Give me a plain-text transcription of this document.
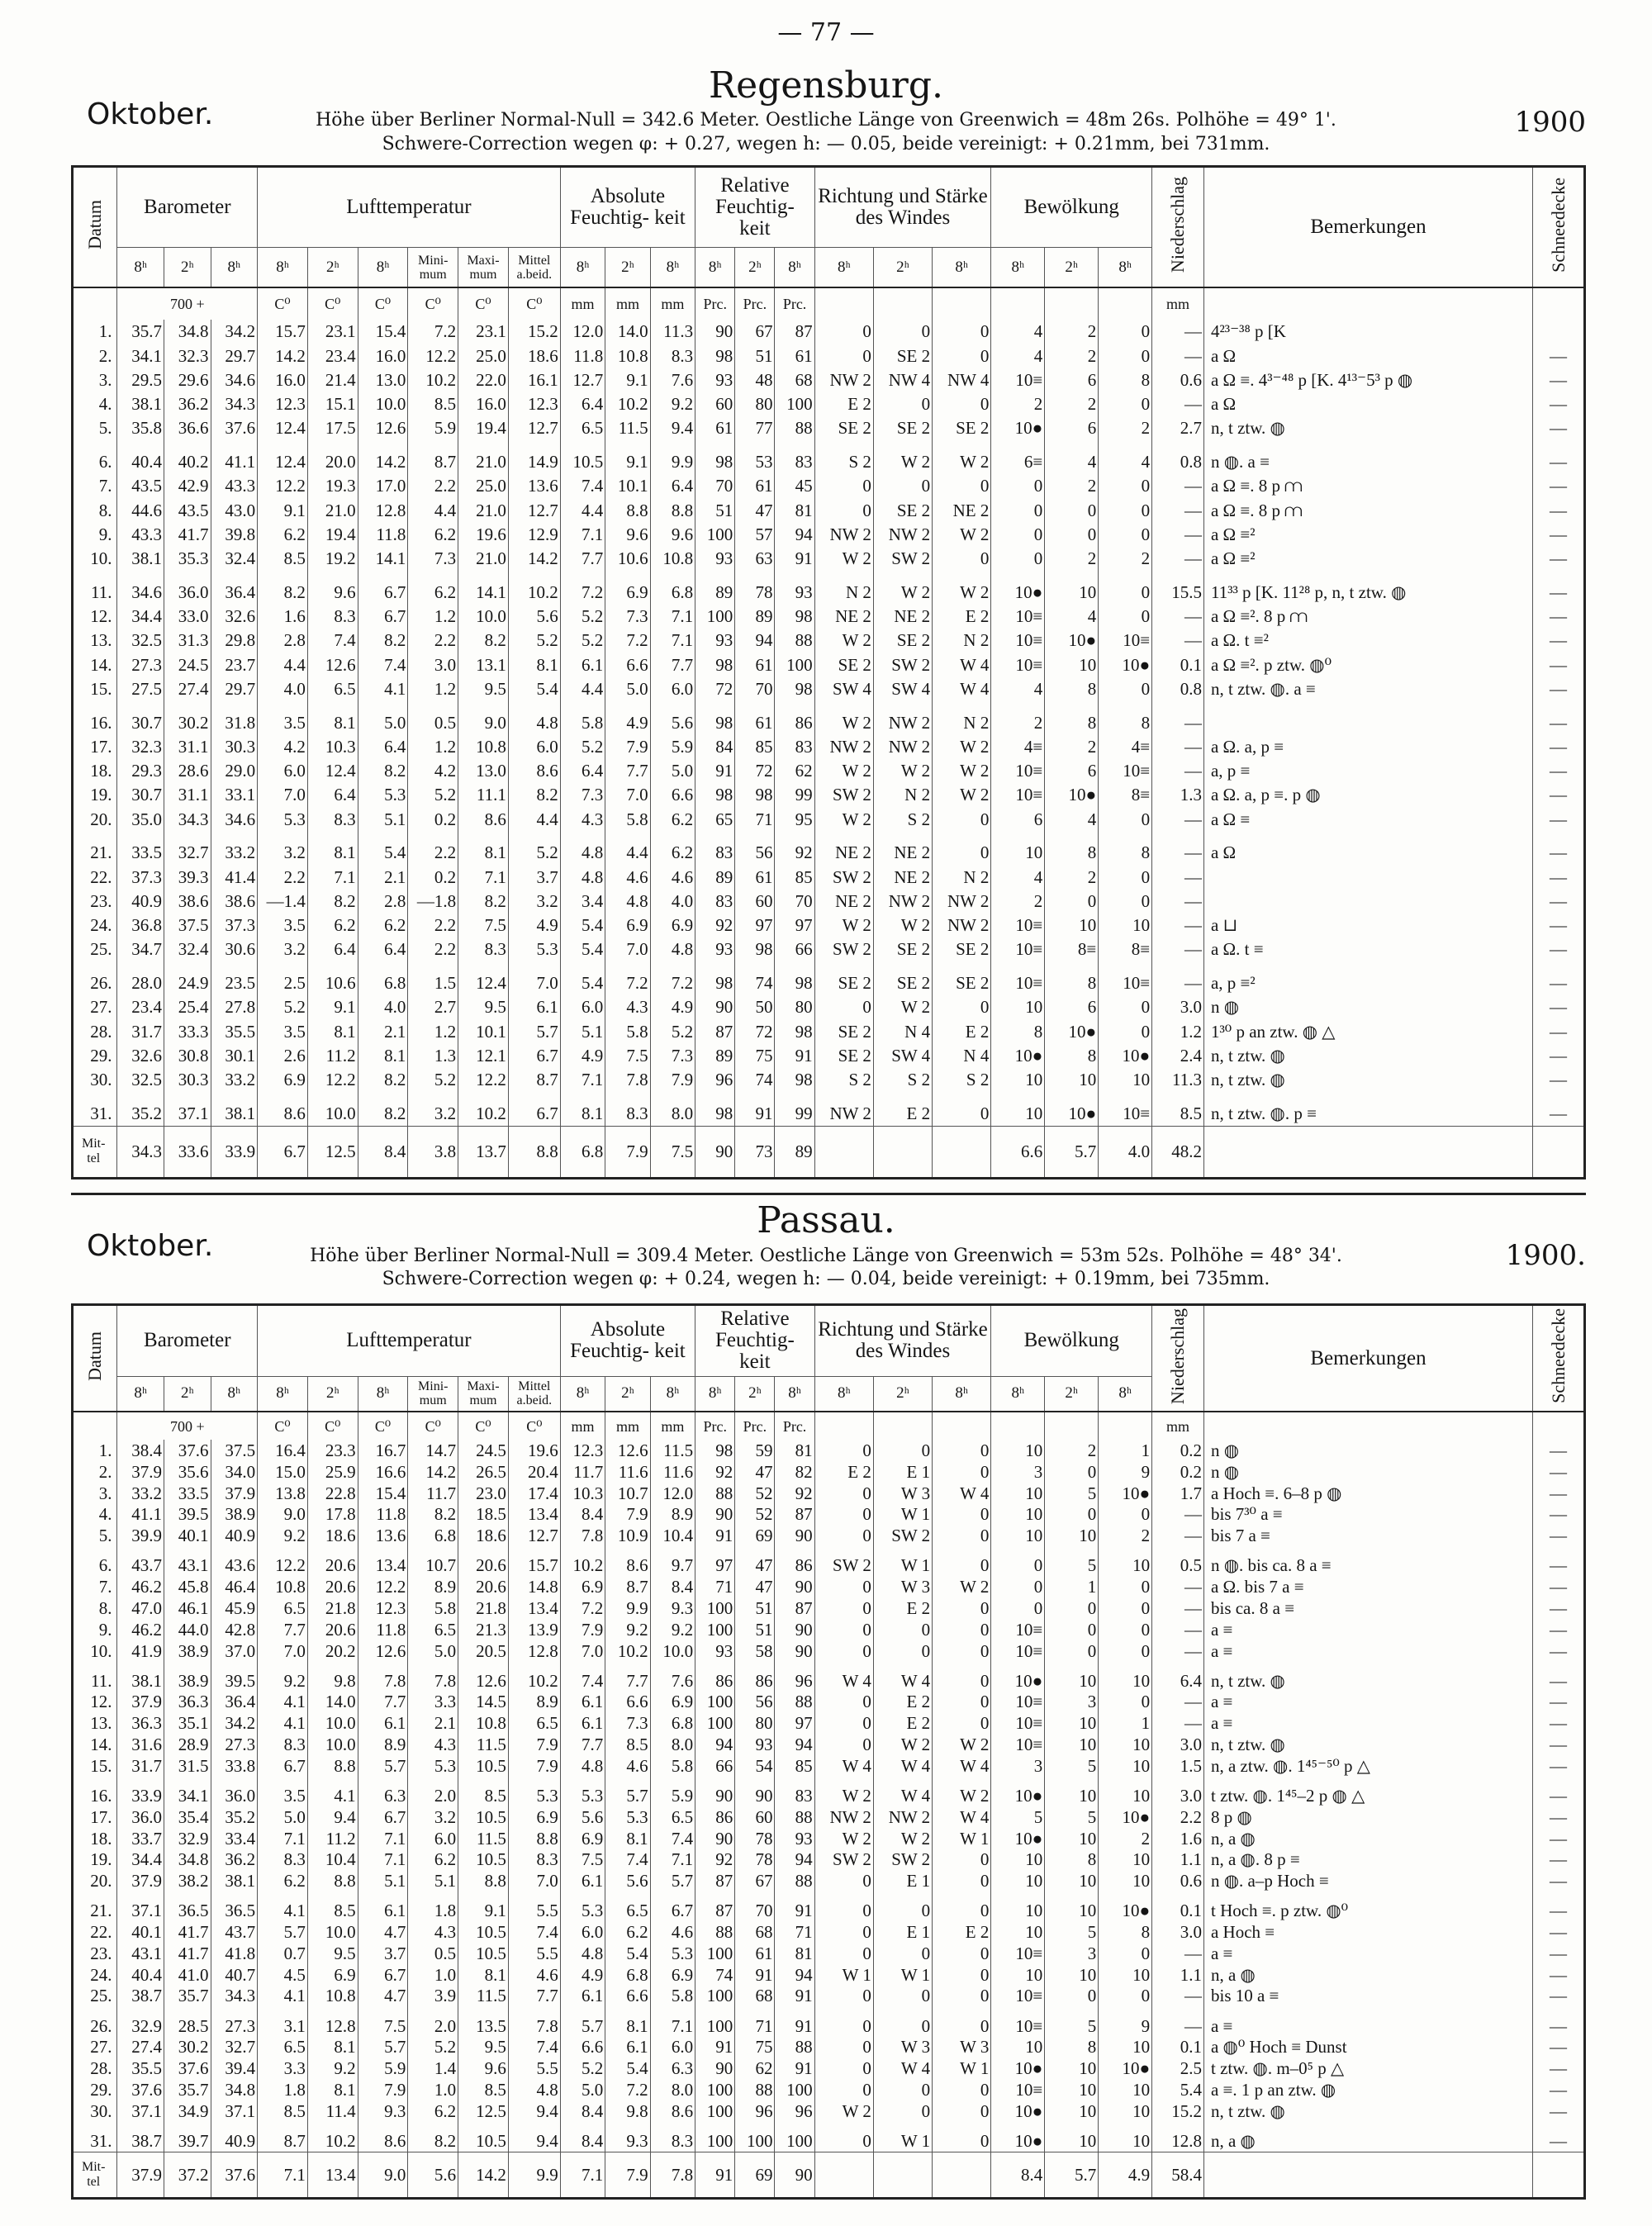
— 77 —
Regensburg.
Oktober.	1900
Höhe über Berliner Normal-Null = 342.6 Meter. Oestliche Länge von Greenwich = 48m 26s. Polhöhe = 49° 1'.
Schwere-Correction wegen φ: + 0.27, wegen h: — 0.05, beide vereinigt: + 0.21mm, bei 731mm.
Datum	Barometer			Lufttemperatur						Absolute Feuchtig- keit			Relative Feuchtig- keit			Richtung und Stärke des Windes			Bewölkung			Niederschlag	Bemerkungen	Schneedecke
	8ʰ	2ʰ	8ʰ	8ʰ	2ʰ	8ʰ	Mini- mum	Maxi- mum	Mittel a.beid.	8ʰ	2ʰ	8ʰ	8ʰ	2ʰ	8ʰ	8ʰ	2ʰ	8ʰ	8ʰ	2ʰ	8ʰ			
	700 +			C⁰	C⁰	C⁰	C⁰	C⁰	C⁰	mm	mm	mm	Prc.	Prc.	Prc.							mm		
1.	35.7	34.8	34.2	15.7	23.1	15.4	7.2	23.1	15.2	12.0	14.0	11.3	90	67	87	0	0	0	4	2	0	—	4²³⁻³⁸ p [K	
2.	34.1	32.3	29.7	14.2	23.4	16.0	12.2	25.0	18.6	11.8	10.8	8.3	98	51	61	0	SE 2	0	4	2	0	—	a Ω	—
3.	29.5	29.6	34.6	16.0	21.4	13.0	10.2	22.0	16.1	12.7	9.1	7.6	93	48	68	NW 2	NW 4	NW 4	10≡	6	8	0.6	a Ω ≡. 4³⁻⁴⁸ p [K. 4¹³⁻5³ p ◍	—
4.	38.1	36.2	34.3	12.3	15.1	10.0	8.5	16.0	12.3	6.4	10.2	9.2	60	80	100	E 2	0	0	2	2	0	—	a Ω	—
5.	35.8	36.6	37.6	12.4	17.5	12.6	5.9	19.4	12.7	6.5	11.5	9.4	61	77	88	SE 2	SE 2	SE 2	10●	6	2	2.7	n, t ztw. ◍	—

6.	40.4	40.2	41.1	12.4	20.0	14.2	8.7	21.0	14.9	10.5	9.1	9.9	98	53	83	S 2	W 2	W 2	6≡	4	4	0.8	n ◍. a ≡	—
7.	43.5	42.9	43.3	12.2	19.3	17.0	2.2	25.0	13.6	7.4	10.1	6.4	70	61	45	0	0	0	0	2	0	—	a Ω ≡. 8 p ⩋	—
8.	44.6	43.5	43.0	9.1	21.0	12.8	4.4	21.0	12.7	4.4	8.8	8.8	51	47	81	0	SE 2	NE 2	0	0	0	—	a Ω ≡. 8 p ⩋	—
9.	43.3	41.7	39.8	6.2	19.4	11.8	6.2	19.6	12.9	7.1	9.6	9.6	100	57	94	NW 2	NW 2	W 2	0	0	0	—	a Ω ≡²	—
10.	38.1	35.3	32.4	8.5	19.2	14.1	7.3	21.0	14.2	7.7	10.6	10.8	93	63	91	W 2	SW 2	0	0	2	2	—	a Ω ≡²	—

11.	34.6	36.0	36.4	8.2	9.6	6.7	6.2	14.1	10.2	7.2	6.9	6.8	89	78	93	N 2	W 2	W 2	10●	10	0	15.5	11³³ p [K. 11²⁸ p, n, t ztw. ◍	—
12.	34.4	33.0	32.6	1.6	8.3	6.7	1.2	10.0	5.6	5.2	7.3	7.1	100	89	98	NE 2	NE 2	E 2	10≡	4	0	—	a Ω ≡². 8 p ⩋	—
13.	32.5	31.3	29.8	2.8	7.4	8.2	2.2	8.2	5.2	5.2	7.2	7.1	93	94	88	W 2	SE 2	N 2	10≡	10●	10≡	—	a Ω. t ≡²	—
14.	27.3	24.5	23.7	4.4	12.6	7.4	3.0	13.1	8.1	6.1	6.6	7.7	98	61	100	SE 2	SW 2	W 4	10≡	10	10●	0.1	a Ω ≡². p ztw. ◍⁰	—
15.	27.5	27.4	29.7	4.0	6.5	4.1	1.2	9.5	5.4	4.4	5.0	6.0	72	70	98	SW 4	SW 4	W 4	4	8	0	0.8	n, t ztw. ◍. a ≡	—

16.	30.7	30.2	31.8	3.5	8.1	5.0	0.5	9.0	4.8	5.8	4.9	5.6	98	61	86	W 2	NW 2	N 2	2	8	8	—		—
17.	32.3	31.1	30.3	4.2	10.3	6.4	1.2	10.8	6.0	5.2	7.9	5.9	84	85	83	NW 2	NW 2	W 2	4≡	2	4≡	—	a Ω. a, p ≡	—
18.	29.3	28.6	29.0	6.0	12.4	8.2	4.2	13.0	8.6	6.4	7.7	5.0	91	72	62	W 2	W 2	W 2	10≡	6	10≡	—	a, p ≡	—
19.	30.7	31.1	33.1	7.0	6.4	5.3	5.2	11.1	8.2	7.3	7.0	6.6	98	98	99	SW 2	N 2	W 2	10≡	10●	8≡	1.3	a Ω. a, p ≡. p ◍	—
20.	35.0	34.3	34.6	5.3	8.3	5.1	0.2	8.6	4.4	4.3	5.8	6.2	65	71	95	W 2	S 2	0	6	4	0	—	a Ω ≡	—

21.	33.5	32.7	33.2	3.2	8.1	5.4	2.2	8.1	5.2	4.8	4.4	6.2	83	56	92	NE 2	NE 2	0	10	8	8	—	a Ω	—
22.	37.3	39.3	41.4	2.2	7.1	2.1	0.2	7.1	3.7	4.8	4.6	4.6	89	61	85	SW 2	NE 2	N 2	4	2	0	—		—
23.	40.9	38.6	38.6	—1.4	8.2	2.8	—1.8	8.2	3.2	3.4	4.8	4.0	83	60	70	NE 2	NW 2	NW 2	2	0	0	—		—
24.	36.8	37.5	37.3	3.5	6.2	6.2	2.2	7.5	4.9	5.4	6.9	6.9	92	97	97	W 2	W 2	NW 2	10≡	10	10	—	a ⊔	—
25.	34.7	32.4	30.6	3.2	6.4	6.4	2.2	8.3	5.3	5.4	7.0	4.8	93	98	66	SW 2	SE 2	SE 2	10≡	8≡	8≡	—	a Ω. t ≡	—

26.	28.0	24.9	23.5	2.5	10.6	6.8	1.5	12.4	7.0	5.4	7.2	7.2	98	74	98	SE 2	SE 2	SE 2	10≡	8	10≡	—	a, p ≡²	—
27.	23.4	25.4	27.8	5.2	9.1	4.0	2.7	9.5	6.1	6.0	4.3	4.9	90	50	80	0	W 2	0	10	6	0	3.0	n ◍	—
28.	31.7	33.3	35.5	3.5	8.1	2.1	1.2	10.1	5.7	5.1	5.8	5.2	87	72	98	SE 2	N 4	E 2	8	10●	0	1.2	1³⁰ p an ztw. ◍ △	—
29.	32.6	30.8	30.1	2.6	11.2	8.1	1.3	12.1	6.7	4.9	7.5	7.3	89	75	91	SE 2	SW 4	N 4	10●	8	10●	2.4	n, t ztw. ◍	—
30.	32.5	30.3	33.2	6.9	12.2	8.2	5.2	12.2	8.7	7.1	7.8	7.9	96	74	98	S 2	S 2	S 2	10	10	10	11.3	n, t ztw. ◍	—

31.	35.2	37.1	38.1	8.6	10.0	8.2	3.2	10.2	6.7	8.1	8.3	8.0	98	91	99	NW 2	E 2	0	10	10●	10≡	8.5	n, t ztw. ◍. p ≡	—
Mit-
tel	34.3	33.6	33.9	6.7	12.5	8.4	3.8	13.7	8.8	6.8	7.9	7.5	90	73	89				6.6	5.7	4.0	48.2		
Passau.
Oktober.	1900.
Höhe über Berliner Normal-Null = 309.4 Meter. Oestliche Länge von Greenwich = 53m 52s. Polhöhe = 48° 34'.
Schwere-Correction wegen φ: + 0.24, wegen h: — 0.04, beide vereinigt: + 0.19mm, bei 735mm.
Datum	Barometer			Lufttemperatur						Absolute Feuchtig- keit			Relative Feuchtig- keit			Richtung und Stärke des Windes			Bewölkung			Niederschlag	Bemerkungen	Schneedecke
	8ʰ	2ʰ	8ʰ	8ʰ	2ʰ	8ʰ	Mini- mum	Maxi- mum	Mittel a.beid.	8ʰ	2ʰ	8ʰ	8ʰ	2ʰ	8ʰ	8ʰ	2ʰ	8ʰ	8ʰ	2ʰ	8ʰ			
	700 +			C⁰	C⁰	C⁰	C⁰	C⁰	C⁰	mm	mm	mm	Prc.	Prc.	Prc.							mm		
1.	38.4	37.6	37.5	16.4	23.3	16.7	14.7	24.5	19.6	12.3	12.6	11.5	98	59	81	0	0	0	10	2	1	0.2	n ◍	—
2.	37.9	35.6	34.0	15.0	25.9	16.6	14.2	26.5	20.4	11.7	11.6	11.6	92	47	82	E 2	E 1	0	3	0	9	0.2	n ◍	—
3.	33.2	33.5	37.9	13.8	22.8	15.4	11.7	23.0	17.4	10.3	10.7	12.0	88	52	92	0	W 3	W 4	10	5	10●	1.7	a Hoch ≡. 6–8 p ◍	—
4.	41.1	39.5	38.9	9.0	17.8	11.8	8.2	18.5	13.4	8.4	7.9	8.9	90	52	87	0	W 1	0	10	0	0	—	bis 7³⁰ a ≡	—
5.	39.9	40.1	40.9	9.2	18.6	13.6	6.8	18.6	12.7	7.8	10.9	10.4	91	69	90	0	SW 2	0	10	10	2	—	bis 7 a ≡	—

6.	43.7	43.1	43.6	12.2	20.6	13.4	10.7	20.6	15.7	10.2	8.6	9.7	97	47	86	SW 2	W 1	0	0	5	10	0.5	n ◍. bis ca. 8 a ≡	—
7.	46.2	45.8	46.4	10.8	20.6	12.2	8.9	20.6	14.8	6.9	8.7	8.4	71	47	90	0	W 3	W 2	0	1	0	—	a Ω. bis 7 a ≡	—
8.	47.0	46.1	45.9	6.5	21.8	12.3	5.8	21.8	13.4	7.2	9.9	9.3	100	51	87	0	E 2	0	0	0	0	—	bis ca. 8 a ≡	—
9.	46.2	44.0	42.8	7.7	20.6	11.8	6.5	21.3	13.9	7.9	9.2	9.2	100	51	90	0	0	0	10≡	0	0	—	a ≡	—
10.	41.9	38.9	37.0	7.0	20.2	12.6	5.0	20.5	12.8	7.0	10.2	10.0	93	58	90	0	0	0	10≡	0	0	—	a ≡	—

11.	38.1	38.9	39.5	9.2	9.8	7.8	7.8	12.6	10.2	7.4	7.7	7.6	86	86	96	W 4	W 4	0	10●	10	10	6.4	n, t ztw. ◍	—
12.	37.9	36.3	36.4	4.1	14.0	7.7	3.3	14.5	8.9	6.1	6.6	6.9	100	56	88	0	E 2	0	10≡	3	0	—	a ≡	—
13.	36.3	35.1	34.2	4.1	10.0	6.1	2.1	10.8	6.5	6.1	7.3	6.8	100	80	97	0	E 2	0	10≡	10	1	—	a ≡	—
14.	31.6	28.9	27.3	8.3	10.0	8.9	4.3	11.5	7.9	7.7	8.5	8.0	94	93	94	0	W 2	W 2	10≡	10	10	3.0	n, t ztw. ◍	—
15.	31.7	31.5	33.8	6.7	8.8	5.7	5.3	10.5	7.9	4.8	4.6	5.8	66	54	85	W 4	W 4	W 4	3	5	10	1.5	n, a ztw. ◍. 1⁴⁵⁻⁵⁰ p △	—

16.	33.9	34.1	36.0	3.5	4.1	6.3	2.0	8.5	5.3	5.3	5.7	5.9	90	90	83	W 2	W 4	W 2	10●	10	10	3.0	t ztw. ◍. 1⁴⁵–2 p ◍ △	—
17.	36.0	35.4	35.2	5.0	9.4	6.7	3.2	10.5	6.9	5.6	5.3	6.5	86	60	88	NW 2	NW 2	W 4	5	5	10●	2.2	8 p ◍	—
18.	33.7	32.9	33.4	7.1	11.2	7.1	6.0	11.5	8.8	6.9	8.1	7.4	90	78	93	W 2	W 2	W 1	10●	10	2	1.6	n, a ◍	—
19.	34.4	34.8	36.2	8.3	10.4	7.1	6.2	10.5	8.3	7.5	7.4	7.1	92	78	94	SW 2	SW 2	0	10	8	10	1.1	n, a ◍. 8 p ≡	—
20.	37.9	38.2	38.1	6.2	8.8	5.1	5.1	8.8	7.0	6.1	5.6	5.7	87	67	88	0	E 1	0	10	10	10	0.6	n ◍. a–p Hoch ≡	—

21.	37.1	36.5	36.5	4.1	8.5	6.1	1.8	9.1	5.5	5.3	6.5	6.7	87	70	91	0	0	0	10	10	10●	0.1	t Hoch ≡. p ztw. ◍⁰	—
22.	40.1	41.7	43.7	5.7	10.0	4.7	4.3	10.5	7.4	6.0	6.2	4.6	88	68	71	0	E 1	E 2	10	5	8	3.0	a Hoch ≡	—
23.	43.1	41.7	41.8	0.7	9.5	3.7	0.5	10.5	5.5	4.8	5.4	5.3	100	61	81	0	0	0	10≡	3	0	—	a ≡	—
24.	40.4	41.0	40.7	4.5	6.9	6.7	1.0	8.1	4.6	4.9	6.8	6.9	74	91	94	W 1	W 1	0	10	10	10	1.1	n, a ◍	—
25.	38.7	35.7	34.3	4.1	10.8	4.7	3.9	11.5	7.7	6.1	6.6	5.8	100	68	91	0	0	0	10≡	0	0	—	bis 10 a ≡	—

26.	32.9	28.5	27.3	3.1	12.8	7.5	2.0	13.5	7.8	5.7	8.1	7.1	100	71	91	0	0	0	10≡	5	9	—	a ≡	—
27.	27.4	30.2	32.7	6.5	8.1	5.7	5.2	9.5	7.4	6.6	6.1	6.0	91	75	88	0	W 3	W 3	10	8	10	0.1	a ◍⁰ Hoch ≡ Dunst	—
28.	35.5	37.6	39.4	3.3	9.2	5.9	1.4	9.6	5.5	5.2	5.4	6.3	90	62	91	0	W 4	W 1	10●	10	10●	2.5	t ztw. ◍. m–0⁵ p △	—
29.	37.6	35.7	34.8	1.8	8.1	7.9	1.0	8.5	4.8	5.0	7.2	8.0	100	88	100	0	0	0	10≡	10	10	5.4	a ≡. 1 p an ztw. ◍	—
30.	37.1	34.9	37.1	8.5	11.4	9.3	6.2	12.5	9.4	8.4	9.8	8.6	100	96	96	W 2	0	0	10●	10	10	15.2	n, t ztw. ◍	—

31.	38.7	39.7	40.9	8.7	10.2	8.6	8.2	10.5	9.4	8.4	9.3	8.3	100	100	100	0	W 1	0	10●	10	10	12.8	n, a ◍	—
Mit-
tel	37.9	37.2	37.6	7.1	13.4	9.0	5.6	14.2	9.9	7.1	7.9	7.8	91	69	90				8.4	5.7	4.9	58.4		
